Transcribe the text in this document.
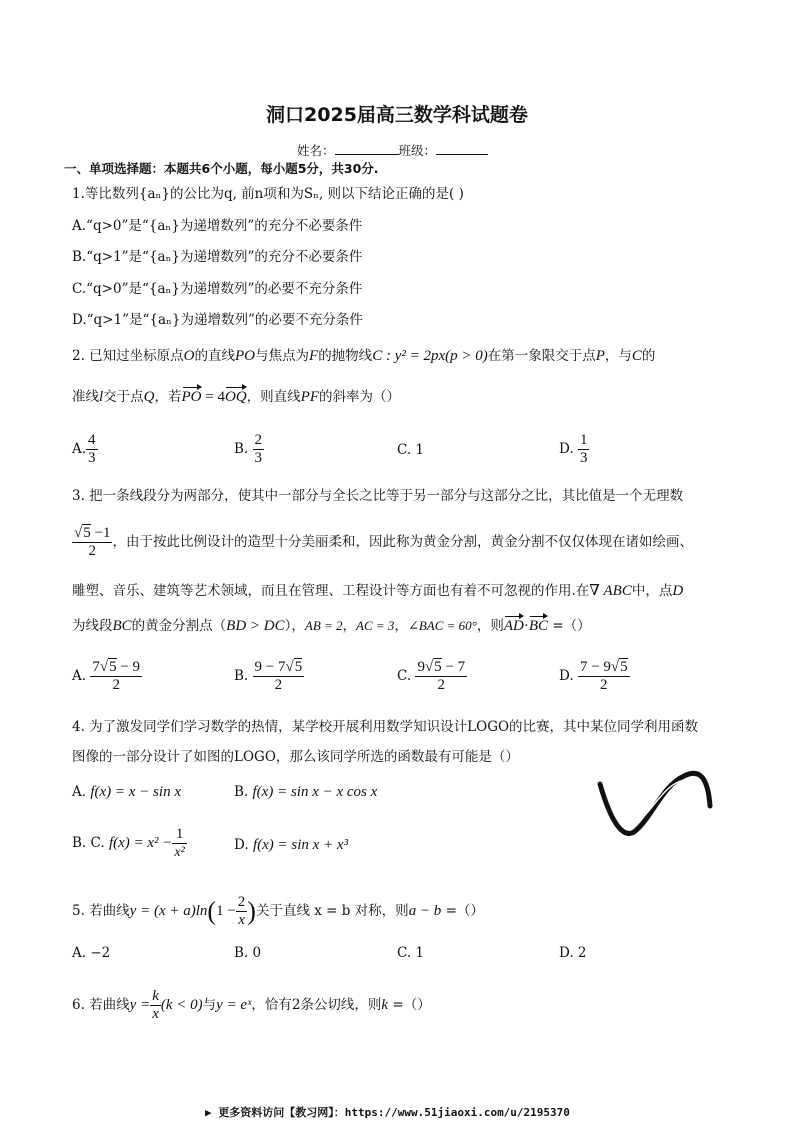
洞口2025届高三数学科试题卷
姓名：	班级：
一、单项选择题：本题共6个小题，每小题5分，共30分.
1.等比数列{aₙ}的公比为q, 前n项和为Sₙ, 则以下结论正确的是( )
A.“q>0”是“{aₙ}为递增数列”的充分不必要条件
B.“q>1”是“{aₙ}为递增数列”的充分不必要条件
C.“q>0”是“{aₙ}为递增数列”的必要不充分条件
D.“q>1”是“{aₙ}为递增数列”的必要不充分条件
2. 已知过坐标原点O的直线PO与焦点为F的抛物线C : y² = 2px(p > 0)在第一象限交于点P，与C的
准线l交于点Q，若PO = 4OQ，则直线PF的斜率为（）
A. $\frac{4}{3}$	B. $\frac{2}{3}$	C. 1	D. $\frac{1}{3}$
3. 把一条线段分为两部分，使其中一部分与全长之比等于另一部分与这部分之比，其比值是一个无理数
$\frac{√5 -1}{2}$ ，由于按此比例设计的造型十分美丽柔和，因此称为黄金分割，黄金分割不仅仅体现在诸如绘画、
雕塑、音乐、建筑等艺术领域，而且在管理、工程设计等方面也有着不可忽视的作用.在∇ ABC中，点D
为线段BC的黄金分割点（BD > DC），AB = 2，AC = 3，∠BAC = 60°，则AD·BC =（）
A. $\frac{7√5 - 9}{2}$	B. $\frac{9 - 7√5}{2}$	C. $\frac{9√5 - 7}{2}$	D. $\frac{7 - 9√5}{2}$
4. 为了激发同学们学习数学的热情，某学校开展利用数学知识设计LOGO的比赛，其中某位同学利用函数
图像的一部分设计了如图的LOGO，那么该同学所选的函数最有可能是（）
A. f(x) = x − sin x	B. f(x) = sin x − x cos x
B. C. $f(x) = x^2 - \frac{1}{\text{x²}}$	D. f(x) = sin x + x³
5. 若曲线$y = (x + a)\ln(1 - \frac{2}{x}$ )关于直线 x = b 对称，则a − b =（）
A. −2	B. 0	C. 1	D. 2
6. 若曲线$y = \frac{k}{x} (k < 0)$与y = eˣ，恰有2条公切线，则k =（）
▶ 更多资料访问【教习网】：https://www.51jiaoxi.com/u/2195370
